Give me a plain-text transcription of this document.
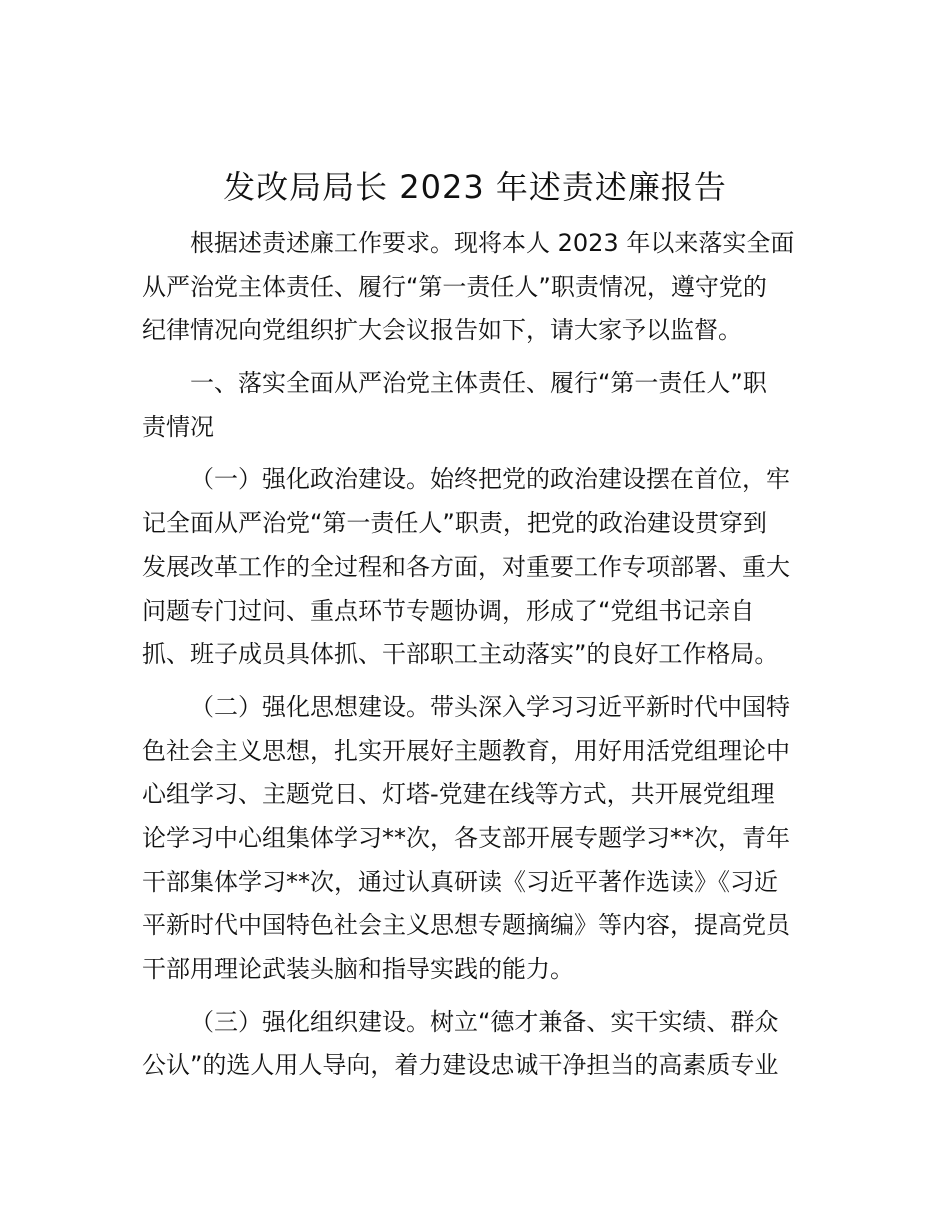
发改局局长 2023 年述责述廉报告
根据述责述廉工作要求。现将本人 2023 年以来落实全面
从严治党主体责任、履行“第一责任人”职责情况，遵守党的
纪律情况向党组织扩大会议报告如下，请大家予以监督。
一、落实全面从严治党主体责任、履行“第一责任人”职
责情况
（一）强化政治建设。始终把党的政治建设摆在首位，牢
记全面从严治党“第一责任人”职责，把党的政治建设贯穿到
发展改革工作的全过程和各方面，对重要工作专项部署、重大
问题专门过问、重点环节专题协调，形成了“党组书记亲自
抓、班子成员具体抓、干部职工主动落实”的良好工作格局。
（二）强化思想建设。带头深入学习习近平新时代中国特
色社会主义思想，扎实开展好主题教育，用好用活党组理论中
心组学习、主题党日、灯塔-党建在线等方式，共开展党组理
论学习中心组集体学习**次，各支部开展专题学习**次，青年
干部集体学习**次，通过认真研读《习近平著作选读》《习近
平新时代中国特色社会主义思想专题摘编》等内容，提高党员
干部用理论武装头脑和指导实践的能力。
（三）强化组织建设。树立“德才兼备、实干实绩、群众
公认”的选人用人导向，着力建设忠诚干净担当的高素质专业
